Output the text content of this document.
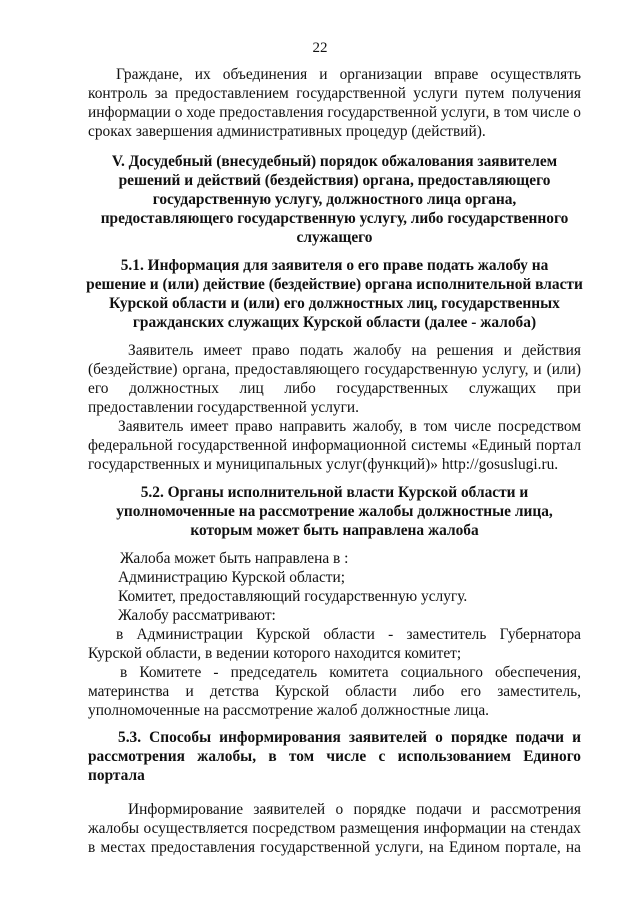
22
Граждане, их объединения и организации вправе осуществлять
контроль за предоставлением государственной услуги путем получения
информации о ходе предоставления государственной услуги, в том числе о
сроках завершения административных процедур (действий).
V. Досудебный (внесудебный) порядок обжалования заявителем
решений и действий (бездействия) органа, предоставляющего
государственную услугу, должностного лица органа,
предоставляющего государственную услугу, либо государственного
служащего
5.1. Информация для заявителя о его праве подать жалобу на
решение и (или) действие (бездействие) органа исполнительной власти
Курской области и (или) его должностных лиц, государственных
гражданских служащих Курской области (далее - жалоба)
Заявитель имеет право подать жалобу на решения и действия
(бездействие) органа, предоставляющего государственную услугу, и (или)
его должностных лиц либо государственных служащих при
предоставлении государственной услуги.
Заявитель имеет право направить жалобу, в том числе посредством
федеральной государственной информационной системы «Единый портал
государственных и муниципальных услуг(функций)» http://gosuslugi.ru.
5.2. Органы исполнительной власти Курской области и
уполномоченные на рассмотрение жалобы должностные лица,
которым может быть направлена жалоба
Жалоба может быть направлена в :
Администрацию Курской области;
Комитет, предоставляющий государственную услугу.
Жалобу рассматривают:
в Администрации Курской области - заместитель Губернатора
Курской области, в ведении которого находится комитет;
в Комитете - председатель комитета социального обеспечения,
материнства и детства Курской области либо его заместитель,
уполномоченные на рассмотрение жалоб должностные лица.
5.3. Способы информирования заявителей о порядке подачи и
рассмотрения жалобы, в том числе с использованием Единого
портала
Информирование заявителей о порядке подачи и рассмотрения
жалобы осуществляется посредством размещения информации на стендах
в местах предоставления государственной услуги, на Едином портале, на
